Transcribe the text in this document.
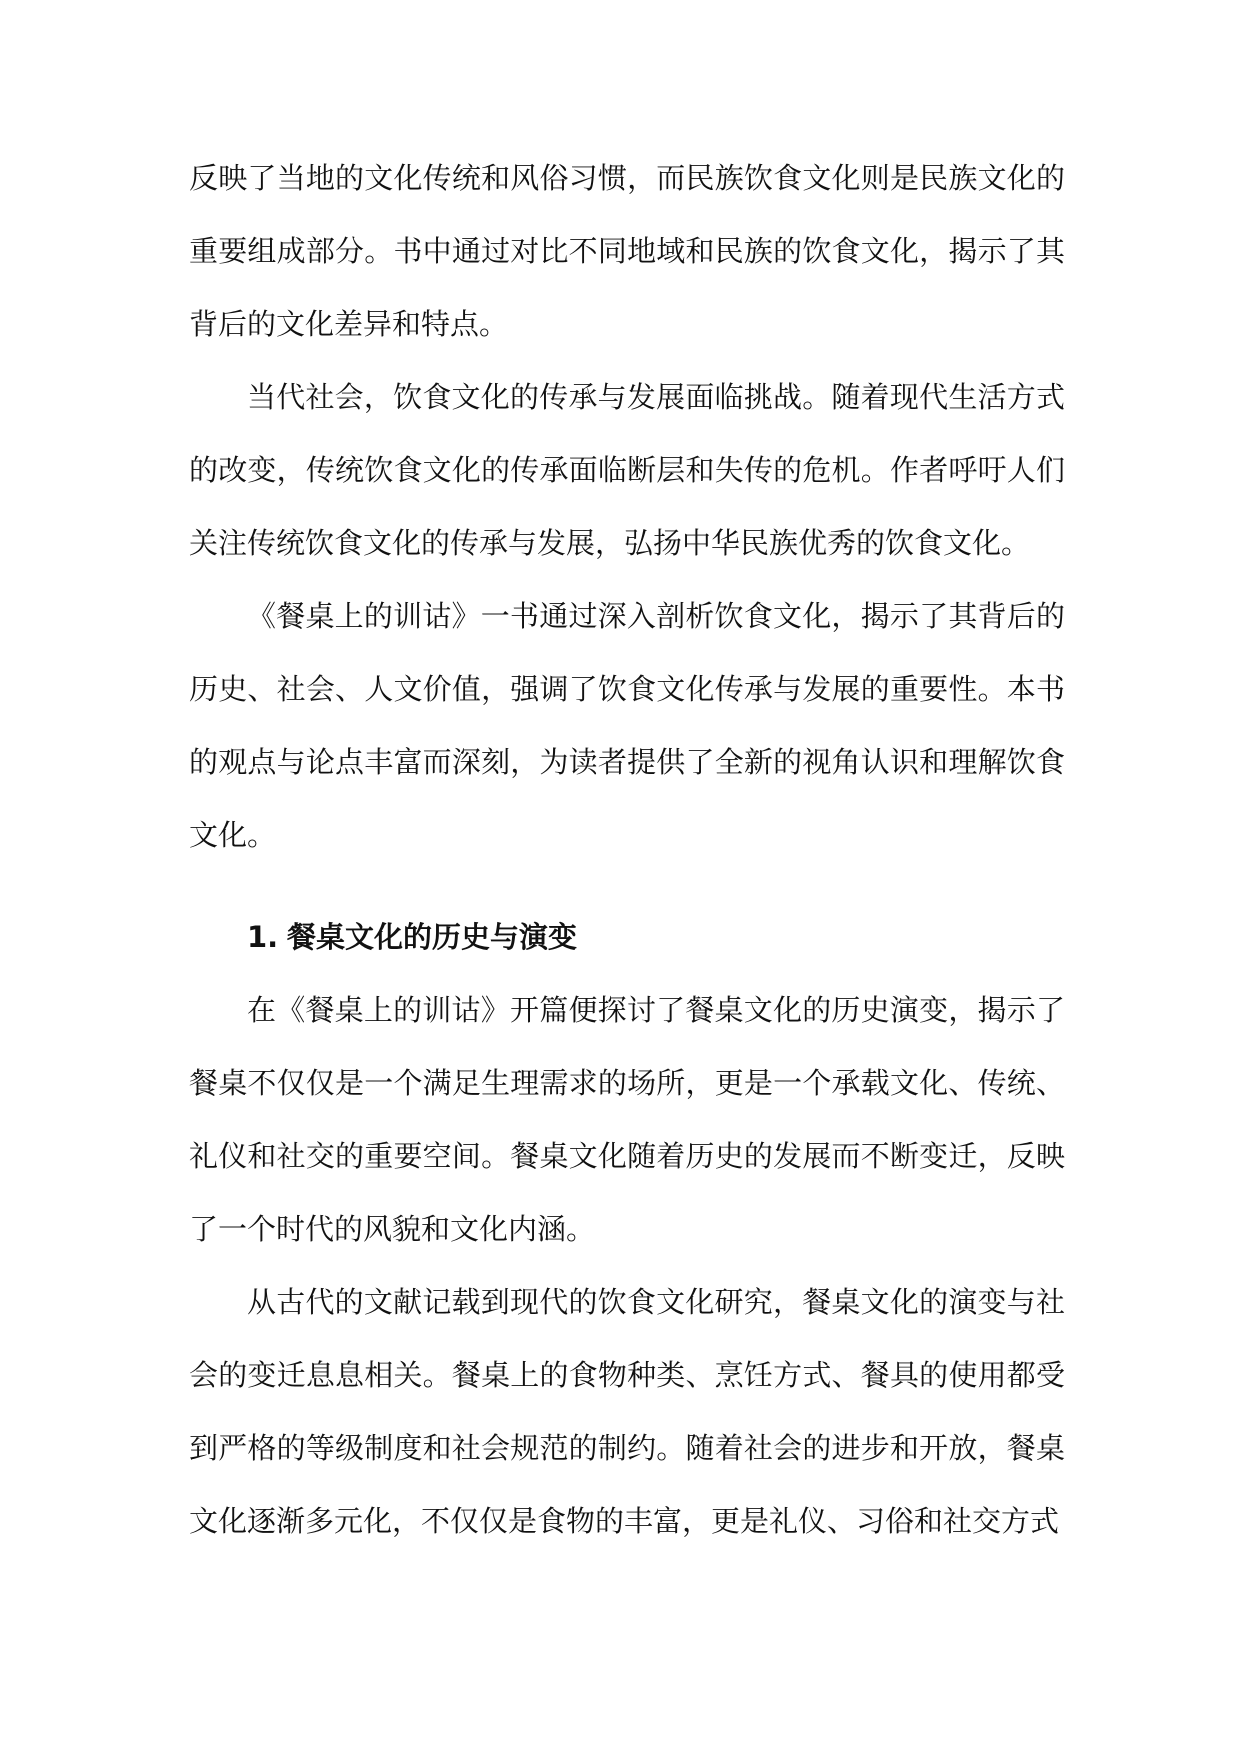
反映了当地的文化传统和风俗习惯，而民族饮食文化则是民族文化的重要组成部分。书中通过对比不同地域和民族的饮食文化，揭示了其背后的文化差异和特点。

当代社会，饮食文化的传承与发展面临挑战。随着现代生活方式的改变，传统饮食文化的传承面临断层和失传的危机。作者呼吁人们关注传统饮食文化的传承与发展，弘扬中华民族优秀的饮食文化。

《餐桌上的训诂》一书通过深入剖析饮食文化，揭示了其背后的历史、社会、人文价值，强调了饮食文化传承与发展的重要性。本书的观点与论点丰富而深刻，为读者提供了全新的视角认识和理解饮食文化。

1. 餐桌文化的历史与演变

在《餐桌上的训诂》开篇便探讨了餐桌文化的历史演变，揭示了餐桌不仅仅是一个满足生理需求的场所，更是一个承载文化、传统、礼仪和社交的重要空间。餐桌文化随着历史的发展而不断变迁，反映了一个时代的风貌和文化内涵。

从古代的文献记载到现代的饮食文化研究，餐桌文化的演变与社会的变迁息息相关。餐桌上的食物种类、烹饪方式、餐具的使用都受到严格的等级制度和社会规范的制约。随着社会的进步和开放，餐桌文化逐渐多元化，不仅仅是食物的丰富，更是礼仪、习俗和社交方式
